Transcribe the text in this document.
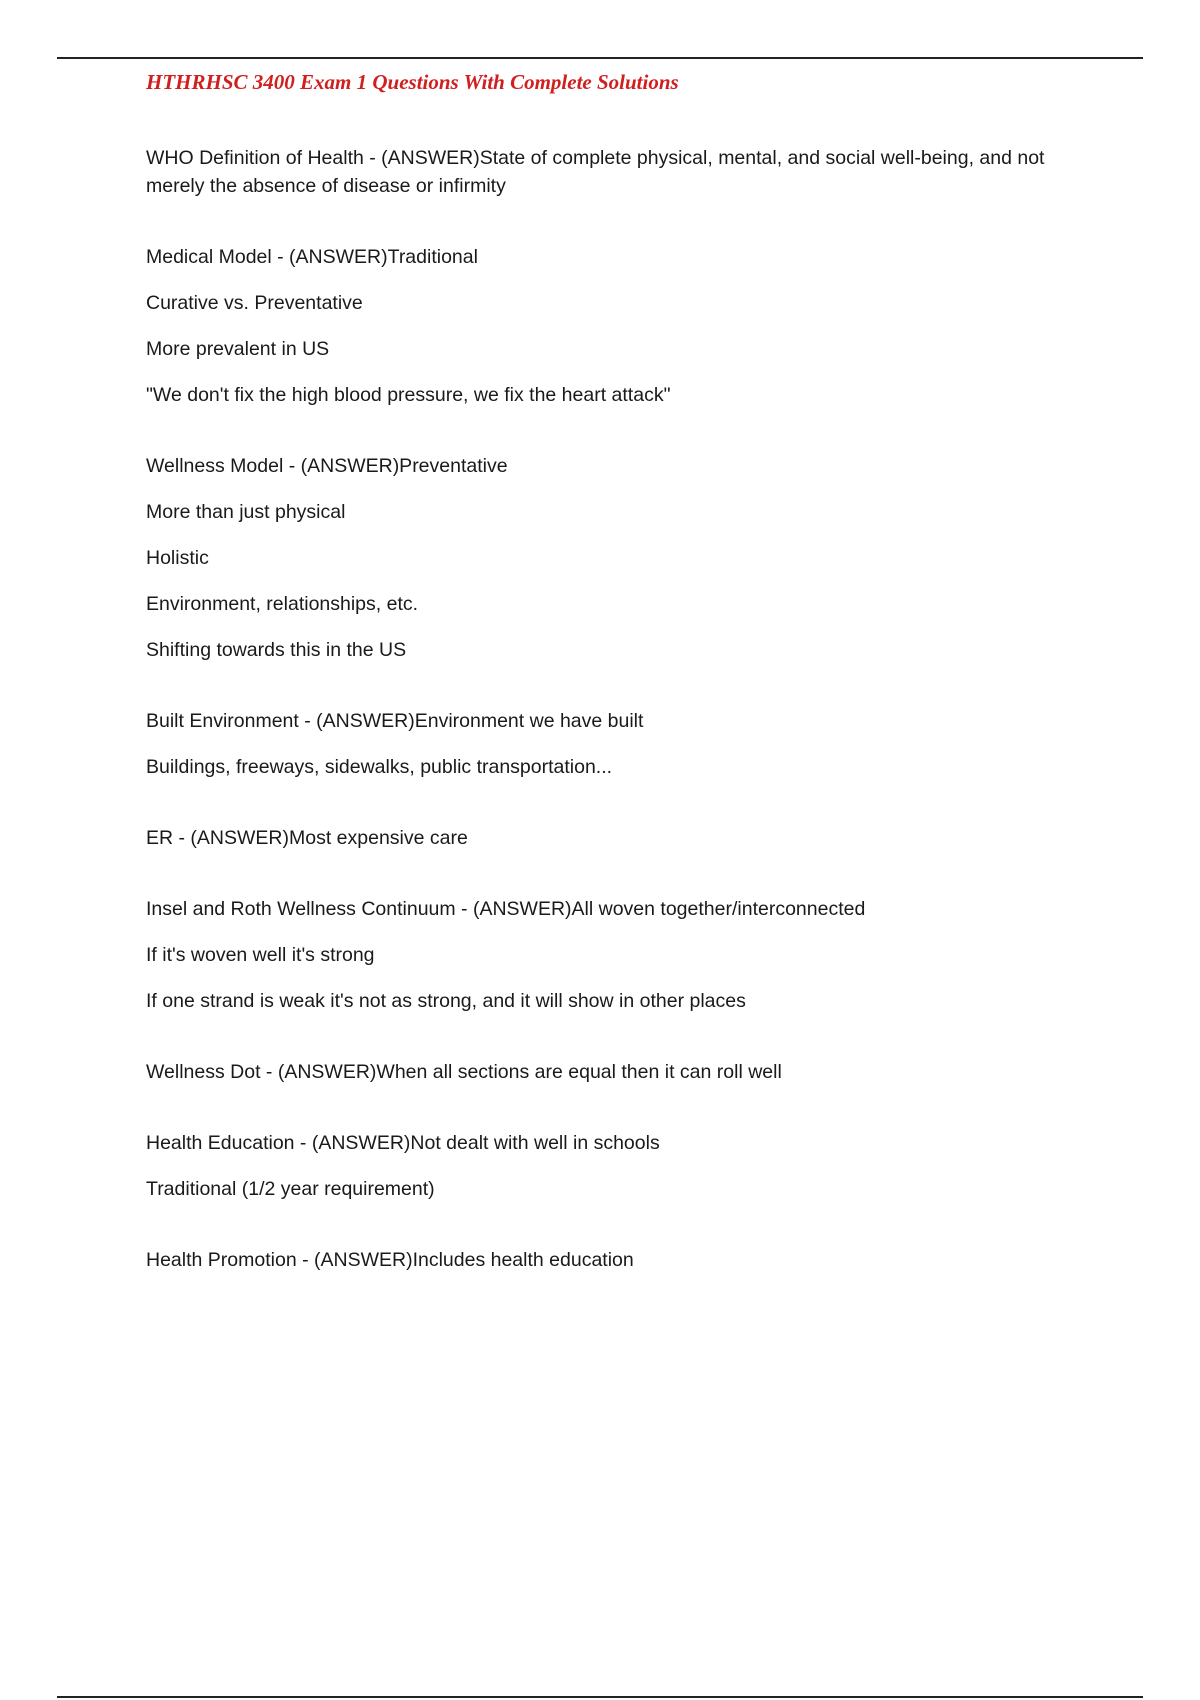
HTHRHSC 3400 Exam 1 Questions With Complete Solutions

WHO Definition of Health - (ANSWER)State of complete physical, mental, and social well-being, and not merely the absence of disease or infirmity

Medical Model - (ANSWER)Traditional

Curative vs. Preventative

More prevalent in US

"We don't fix the high blood pressure, we fix the heart attack"

Wellness Model - (ANSWER)Preventative

More than just physical

Holistic

Environment, relationships, etc.

Shifting towards this in the US

Built Environment - (ANSWER)Environment we have built

Buildings, freeways, sidewalks, public transportation...

ER - (ANSWER)Most expensive care

Insel and Roth Wellness Continuum - (ANSWER)All woven together/interconnected

If it's woven well it's strong

If one strand is weak it's not as strong, and it will show in other places

Wellness Dot - (ANSWER)When all sections are equal then it can roll well

Health Education - (ANSWER)Not dealt with well in schools

Traditional (1/2 year requirement)

Health Promotion - (ANSWER)Includes health education
